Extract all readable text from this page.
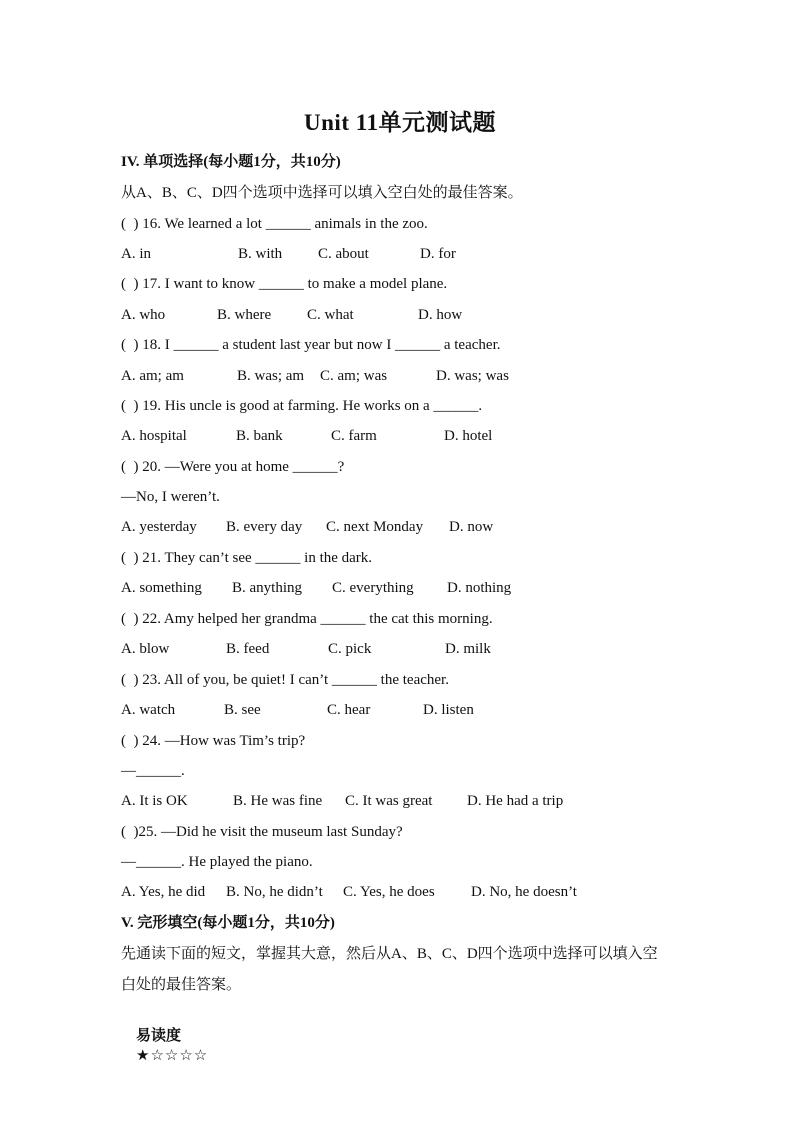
Unit 11单元测试题
IV. 单项选择(每小题1分，共10分)
从A、B、C、D四个选项中选择可以填入空白处的最佳答案。
(  ) 16. We learned a lot ______ animals in the zoo.
A. in	B. with C. about	D. for
(  ) 17. I want to know ______ to make a model plane.
A. who	B. where C. what	D. how
(  ) 18. I ______ a student last year but now I ______ a teacher.
A. am; am	B. was; am C. am; was	D. was; was
(  ) 19. His uncle is good at farming. He works on a ______.
A. hospital	B. bank	C. farm	D. hotel
(  ) 20. —Were you at home ______?
—No, I weren’t.
A. yesterday B. every day C. next Monday D. now
(  ) 21. They can’t see ______ in the dark.
A. something B. anything C. everything D. nothing
(  ) 22. Amy helped her grandma ______ the cat this morning.
A. blow	B. feed	C. pick	D. milk
(  ) 23. All of you, be quiet! I can’t ______ the teacher.
A. watch	B. see	C. hear	D. listen
(  ) 24. —How was Tim’s trip?
—______.
A. It is OK	B. He was fine C. It was great D. He had a trip
(  )25. —Did he visit the museum last Sunday?
—______. He played the piano.
A. Yes, he did B. No, he didn’t C. Yes, he does D. No, he doesn’t
V. 完形填空(每小题1分，共10分)
先通读下面的短文，掌握其大意，然后从A、B、C、D四个选项中选择可以填入空
白处的最佳答案。

易读度
★☆☆☆☆
